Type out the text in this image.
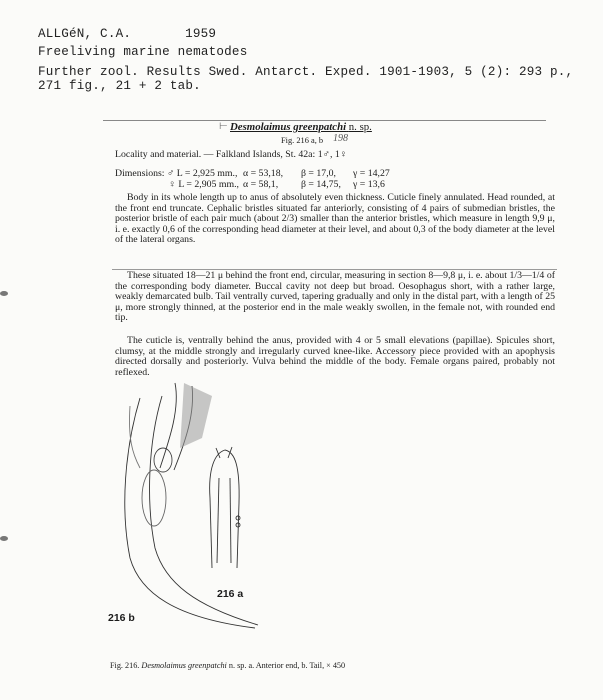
ALLGéN, C.A.	1959
Freeliving marine nematodes
Further zool. Results Swed. Antarct. Exped. 1901-1903, 5 (2): 293 p.,
271 fig., 21 + 2 tab.
⊢ Desmolaimus greenpatchi n. sp.
Fig. 216 a, b 198
Locality and material. — Falkland Islands, St. 42a: 1♂, 1♀
Dimensions: ♂ L = 2,925 mm., α = 53,18, β = 17,0, γ = 14,27
♀ L = 2,905 mm., α = 58,1, β = 14,75, γ = 13,6
Body in its whole length up to anus of absolutely even thickness. Cuticle finely annulated. Head rounded, at the front end truncate. Cephalic bristles situated far anteriorly, consisting of 4 pairs of submedian bristles, the posterior bristle of each pair much (about 2/3) smaller than the anterior bristles, which measure in length 9,9 μ, i. e. exactly 0,6 of the corresponding head diameter at their level, and about 0,3 of the body diameter at the level of the lateral organs.
These situated 18—21 μ behind the front end, circular, measuring in section 8—9,8 μ, i. e. about 1/3—1/4 of the corresponding body diameter. Buccal cavity not deep but broad. Oesophagus short, with a rather large, weakly demarcated bulb. Tail ventrally curved, tapering gradually and only in the distal part, with a length of 25 μ, more strongly thinned, at the posterior end in the male weakly swollen, in the female not, with rounded end tip.
The cuticle is, ventrally behind the anus, provided with 4 or 5 small elevations (papillae). Spicules short, clumsy, at the middle strongly and irregularly curved knee-like. Accessory piece provided with an apophysis directed dorsally and posteriorly. Vulva behind the middle of the body. Female organs paired, probably not reflexed.
216 a
216 b
Fig. 216. Desmolaimus greenpatchi n. sp. a. Anterior end, b. Tail, × 450
